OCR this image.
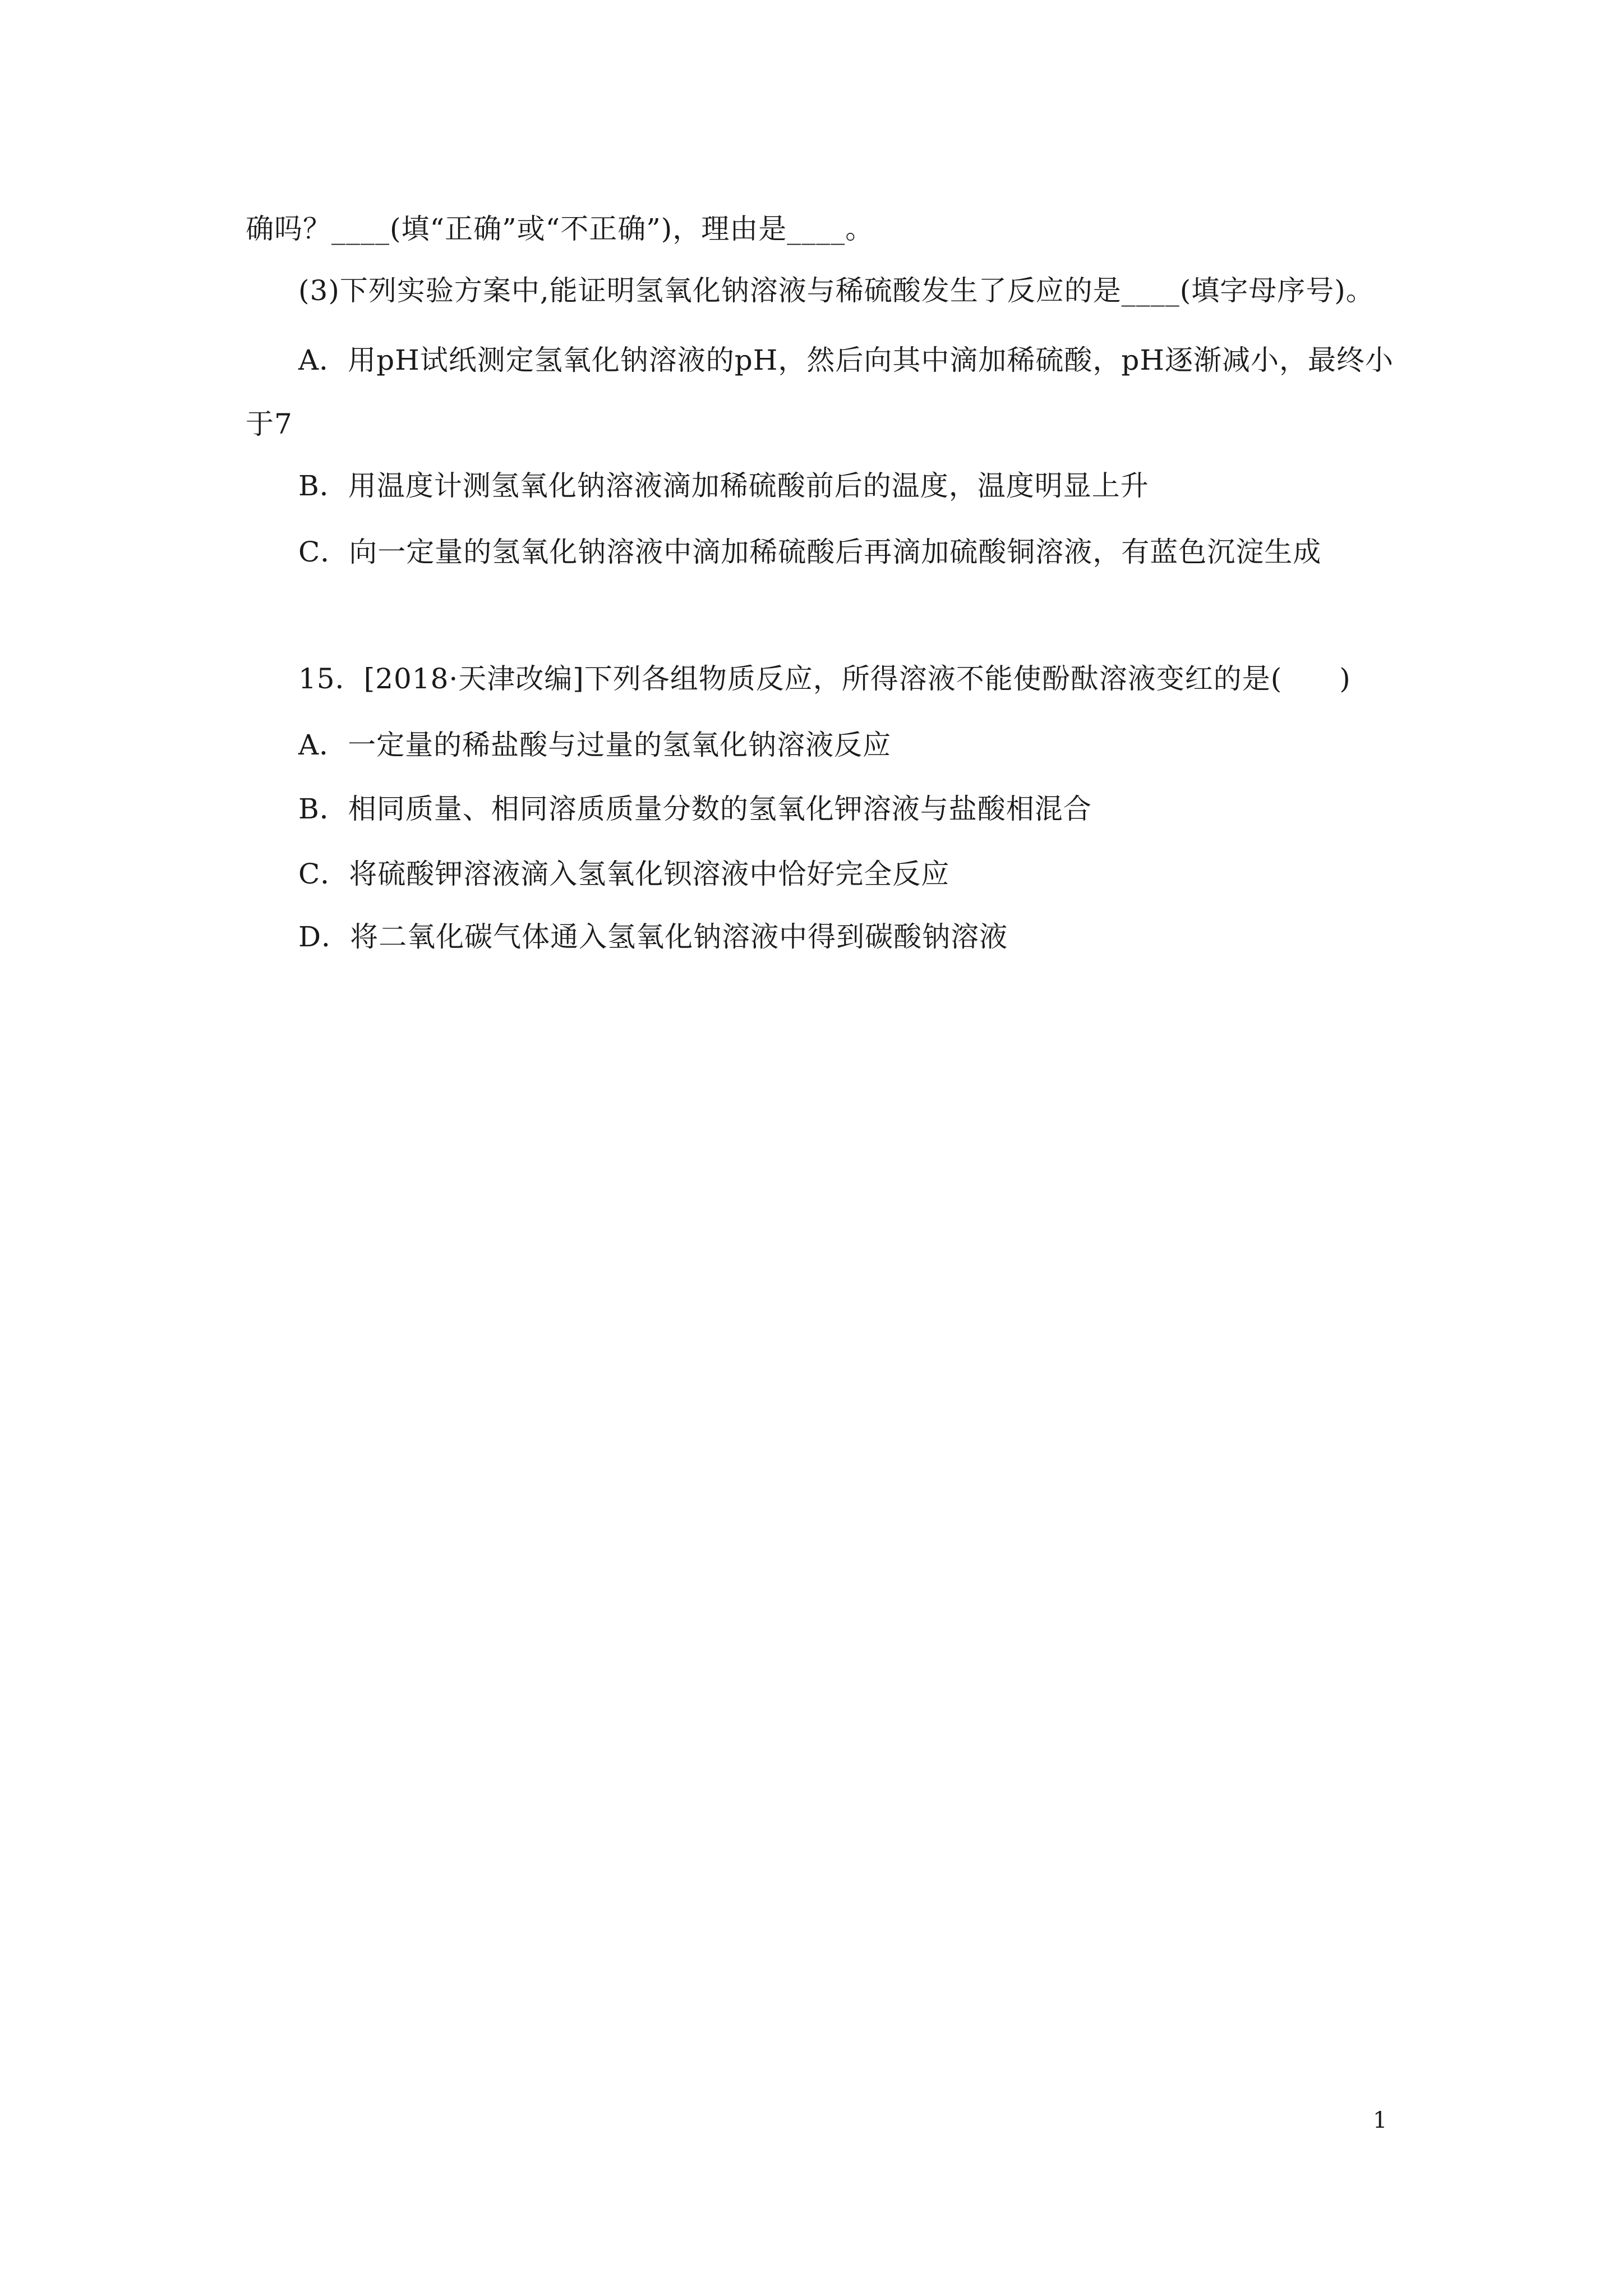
确吗？____(填“正确”或“不正确”)，理由是____。
(3)下列实验方案中,能证明氢氧化钠溶液与稀硫酸发生了反应的是____(填字母序号)。
A．用pH试纸测定氢氧化钠溶液的pH，然后向其中滴加稀硫酸，pH逐渐减小，最终小
于7
B．用温度计测氢氧化钠溶液滴加稀硫酸前后的温度，温度明显上升
C．向一定量的氢氧化钠溶液中滴加稀硫酸后再滴加硫酸铜溶液，有蓝色沉淀生成
15．[2018·天津改编]下列各组物质反应，所得溶液不能使酚酞溶液变红的是(　　)
A．一定量的稀盐酸与过量的氢氧化钠溶液反应
B．相同质量、相同溶质质量分数的氢氧化钾溶液与盐酸相混合
C．将硫酸钾溶液滴入氢氧化钡溶液中恰好完全反应
D．将二氧化碳气体通入氢氧化钠溶液中得到碳酸钠溶液
1
